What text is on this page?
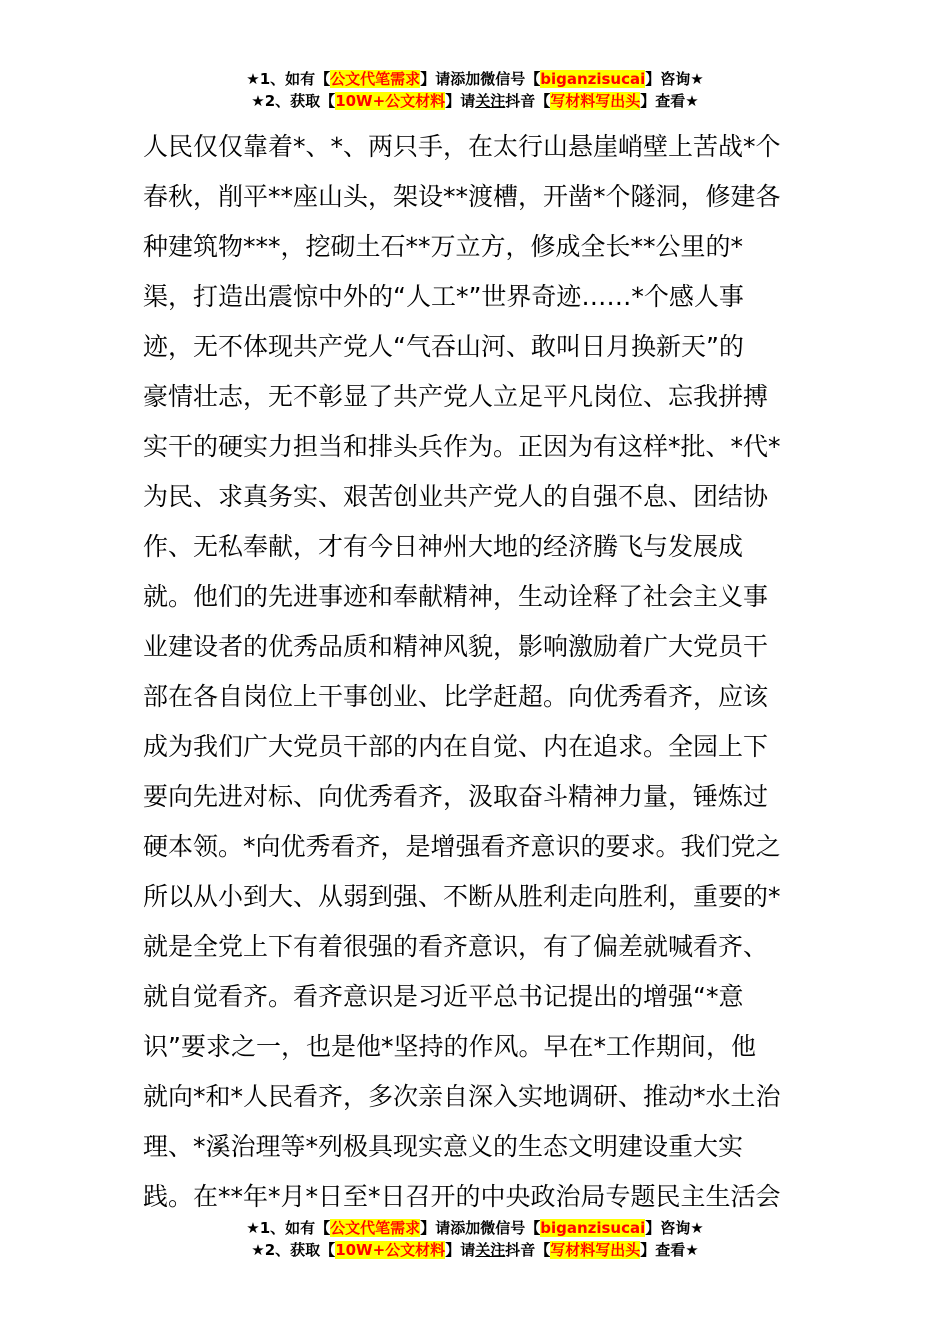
★1、如有【公文代笔需求】请添加微信号【biganzisucai】咨询★
★2、获取【10W+公文材料】请关注抖音【写材料写出头】查看★
人民仅仅靠着*、*、两只手，在太行山悬崖峭壁上苦战*个
春秋，削平**座山头，架设**渡槽，开凿*个隧洞，修建各
种建筑物***，挖砌土石**万立方，修成全长**公里的*
渠，打造出震惊中外的“人工*”世界奇迹……*个感人事
迹，无不体现共产党人“气吞山河、敢叫日月换新天”的
豪情壮志，无不彰显了共产党人立足平凡岗位、忘我拼搏
实干的硬实力担当和排头兵作为。正因为有这样*批、*代*
为民、求真务实、艰苦创业共产党人的自强不息、团结协
作、无私奉献，才有今日神州大地的经济腾飞与发展成
就。他们的先进事迹和奉献精神，生动诠释了社会主义事
业建设者的优秀品质和精神风貌，影响激励着广大党员干
部在各自岗位上干事创业、比学赶超。向优秀看齐，应该
成为我们广大党员干部的内在自觉、内在追求。全园上下
要向先进对标、向优秀看齐，汲取奋斗精神力量，锤炼过
硬本领。*向优秀看齐，是增强看齐意识的要求。我们党之
所以从小到大、从弱到强、不断从胜利走向胜利，重要的*
就是全党上下有着很强的看齐意识，有了偏差就喊看齐、
就自觉看齐。看齐意识是习近平总书记提出的增强“*意
识”要求之一，也是他*坚持的作风。早在*工作期间，他
就向*和*人民看齐，多次亲自深入实地调研、推动*水土治
理、*溪治理等*列极具现实意义的生态文明建设重大实
践。在**年*月*日至*日召开的中央政治局专题民主生活会
★1、如有【公文代笔需求】请添加微信号【biganzisucai】咨询★
★2、获取【10W+公文材料】请关注抖音【写材料写出头】查看★
